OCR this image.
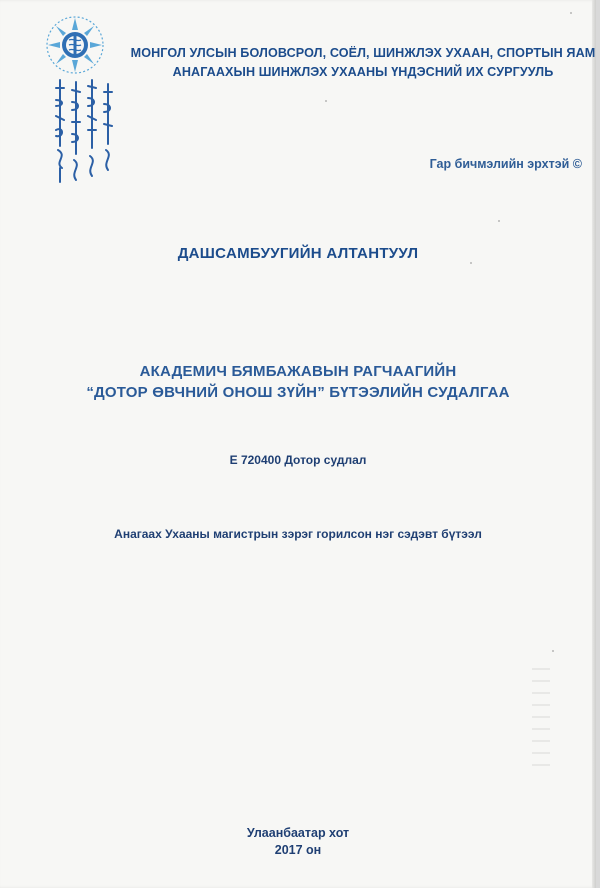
МОНГОЛ УЛСЫН БОЛОВСРОЛ, СОЁЛ, ШИНЖЛЭХ УХААН, СПОРТЫН ЯАМ
АНАГААХЫН ШИНЖЛЭХ УХААНЫ ҮНДЭСНИЙ ИХ СУРГУУЛЬ
Гар бичмэлийн эрхтэй ©
ДАШСАМБУУГИЙН АЛТАНТУУЛ
АКАДЕМИЧ БЯМБАЖАВЫН РАГЧААГИЙН
“ДОТОР ӨВЧНИЙ ОНОШ ЗҮЙН” БҮТЭЭЛИЙН СУДАЛГАА
Е 720400 Дотор судлал
Анагаах Ухааны магистрын зэрэг горилсон нэг сэдэвт бүтээл
Улаанбаатар хот
2017 он
